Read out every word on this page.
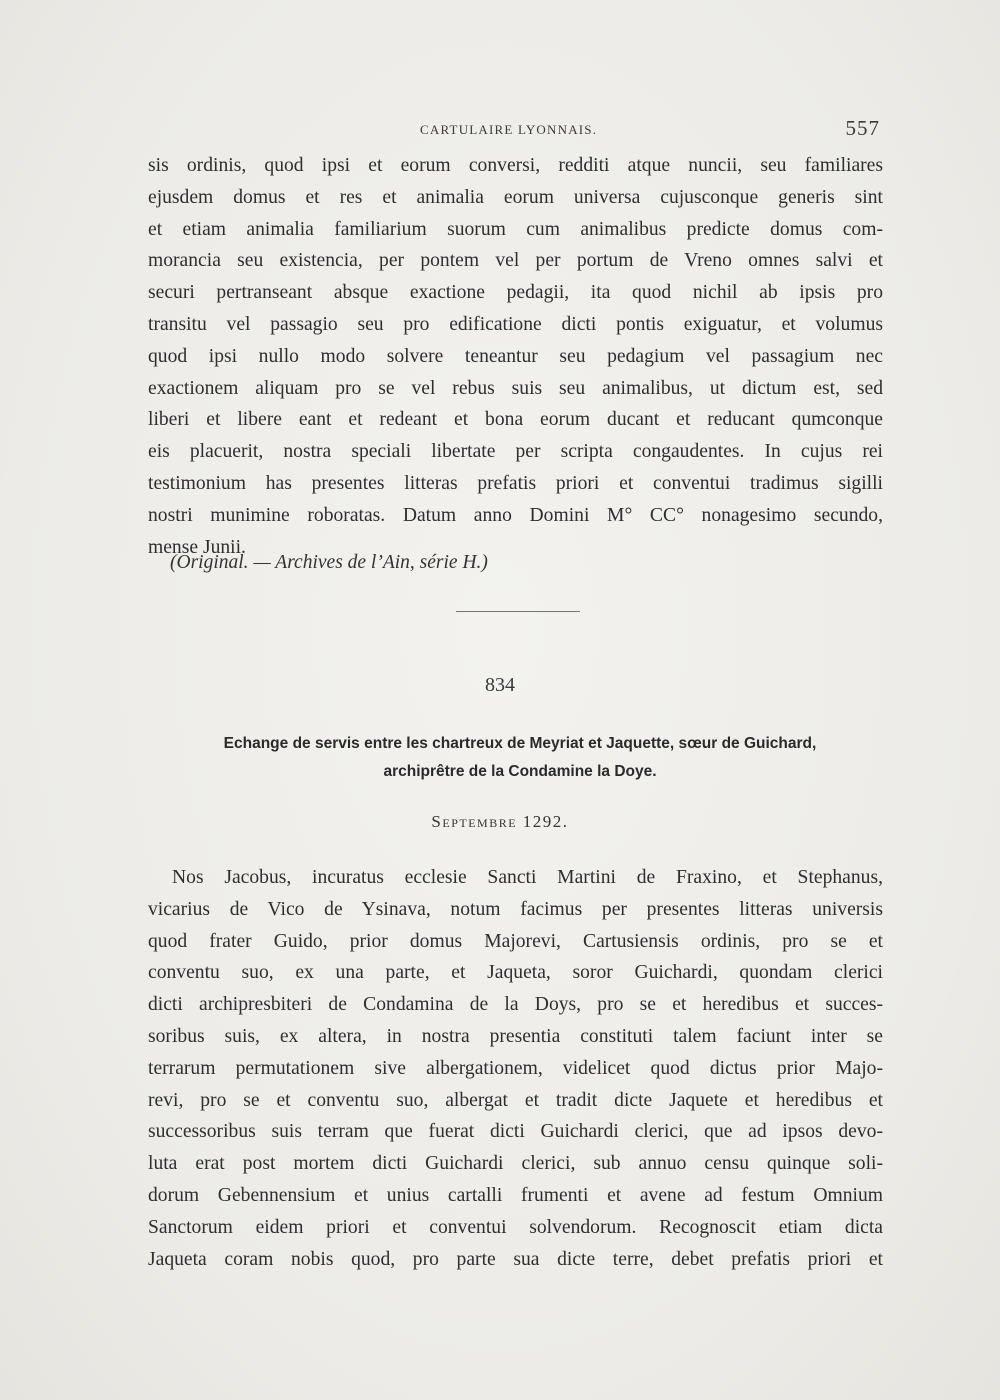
CARTULAIRE LYONNAIS.	557
sis ordinis, quod ipsi et eorum conversi, redditi atque nuncii, seu familiares
ejusdem domus et res et animalia eorum universa cujusconque generis sint
et etiam animalia familiarium suorum cum animalibus predicte domus com-
morancia seu existencia, per pontem vel per portum de Vreno omnes salvi et
securi pertranseant absque exactione pedagii, ita quod nichil ab ipsis pro
transitu vel passagio seu pro edificatione dicti pontis exiguatur, et volumus
quod ipsi nullo modo solvere teneantur seu pedagium vel passagium nec
exactionem aliquam pro se vel rebus suis seu animalibus, ut dictum est, sed
liberi et libere eant et redeant et bona eorum ducant et reducant qumconque
eis placuerit, nostra speciali libertate per scripta congaudentes. In cujus rei
testimonium has presentes litteras prefatis priori et conventui tradimus sigilli
nostri munimine roboratas. Datum anno Domini M° CC° nonagesimo secundo,
mense Junii.
(Original. — Archives de l’Ain, série H.)
834
Echange de servis entre les chartreux de Meyriat et Jaquette, sœur de Guichard,
archiprêtre de la Condamine la Doye.
Septembre 1292.
Nos Jacobus, incuratus ecclesie Sancti Martini de Fraxino, et Stephanus,
vicarius de Vico de Ysinava, notum facimus per presentes litteras universis
quod frater Guido, prior domus Majorevi, Cartusiensis ordinis, pro se et
conventu suo, ex una parte, et Jaqueta, soror Guichardi, quondam clerici
dicti archipresbiteri de Condamina de la Doys, pro se et heredibus et succes-
soribus suis, ex altera, in nostra presentia constituti talem faciunt inter se
terrarum permutationem sive albergationem, videlicet quod dictus prior Majo-
revi, pro se et conventu suo, albergat et tradit dicte Jaquete et heredibus et
successoribus suis terram que fuerat dicti Guichardi clerici, que ad ipsos devo-
luta erat post mortem dicti Guichardi clerici, sub annuo censu quinque soli-
dorum Gebennensium et unius cartalli frumenti et avene ad festum Omnium
Sanctorum eidem priori et conventui solvendorum. Recognoscit etiam dicta
Jaqueta coram nobis quod, pro parte sua dicte terre, debet prefatis priori et
